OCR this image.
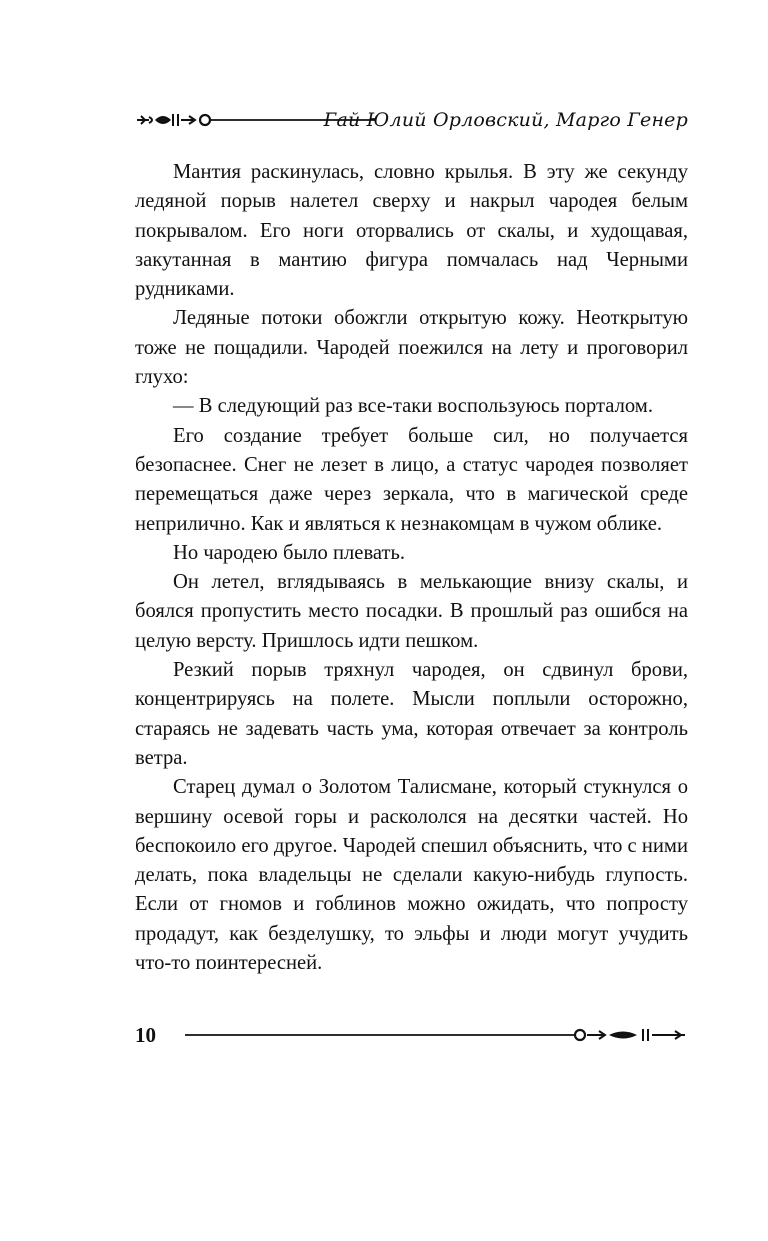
Гай Юлий Орловский, Марго Генер

Мантия раскинулась, словно крылья. В эту же секунду ледяной порыв налетел сверху и накрыл чародея белым покрывалом. Его ноги оторвались от скалы, и худощавая, закутанная в мантию фигура помчалась над Черными рудниками.

Ледяные потоки обожгли открытую кожу. Неоткрытую тоже не пощадили. Чародей поежился на лету и проговорил глухо:

— В следующий раз все-таки воспользуюсь порталом.

Его создание требует больше сил, но получается безопаснее. Снег не лезет в лицо, а статус чародея позволяет перемещаться даже через зеркала, что в магической среде неприлично. Как и являться к незнакомцам в чужом облике.

Но чародею было плевать.

Он летел, вглядываясь в мелькающие внизу скалы, и боялся пропустить место посадки. В прошлый раз ошибся на целую версту. Пришлось идти пешком.

Резкий порыв тряхнул чародея, он сдвинул брови, концентрируясь на полете. Мысли поплыли осторожно, стараясь не задевать часть ума, которая отвечает за контроль ветра.

Старец думал о Золотом Талисмане, который стукнулся о вершину осевой горы и раскололся на десятки частей. Но беспокоило его другое. Чародей спешил объяснить, что с ними делать, пока владельцы не сделали какую-нибудь глупость. Если от гномов и гоблинов можно ожидать, что попросту продадут, как безделушку, то эльфы и люди могут учудить что-то поинтересней.

10
